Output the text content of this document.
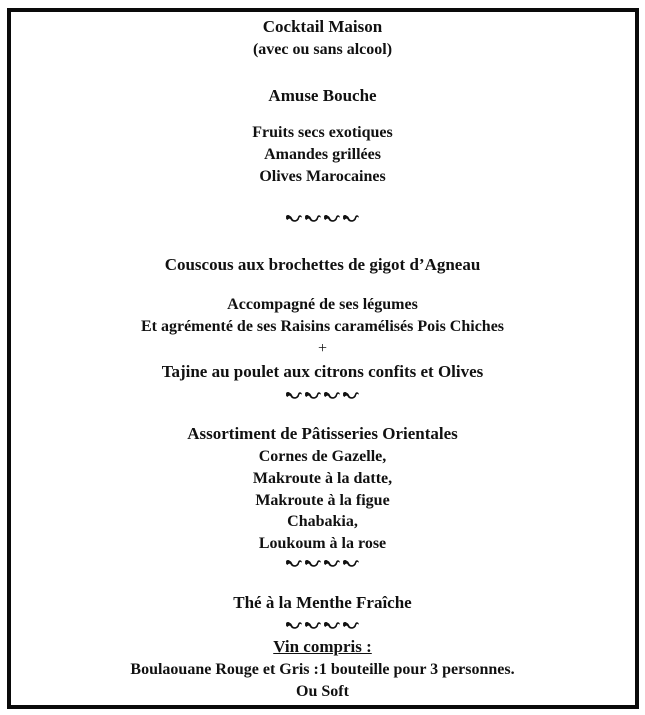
Cocktail Maison
(avec ou sans alcool)
Amuse Bouche
Fruits secs exotiques
Amandes grillées
Olives Marocaines
Couscous aux brochettes de gigot d’Agneau
Accompagné de ses légumes
Et agrémenté de ses Raisins caramélisés Pois Chiches
+
Tajine au poulet aux citrons confits et Olives
Assortiment de Pâtisseries Orientales
Cornes de Gazelle,
Makroute à la datte,
Makroute à la figue
Chabakia,
Loukoum à la rose
Thé à la Menthe Fraîche
Vin compris :
Boulaouane Rouge et Gris :1 bouteille pour 3 personnes.
Ou Soft
